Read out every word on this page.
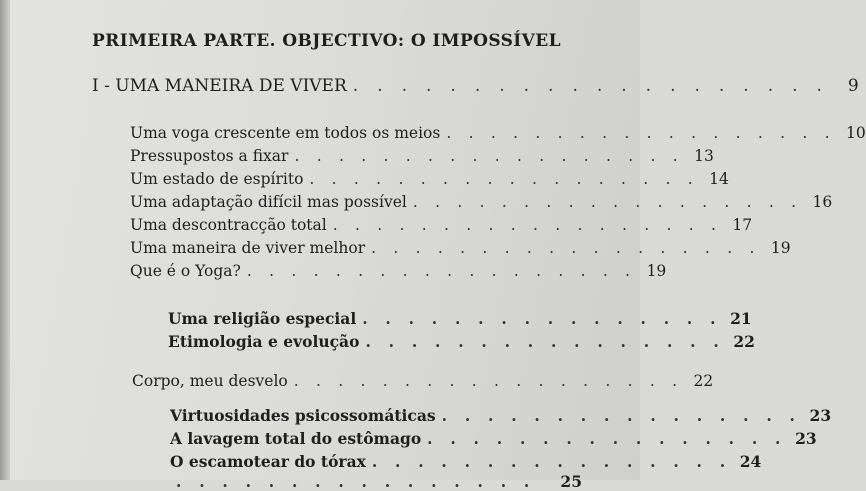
PRIMEIRA PARTE. OBJECTIVO: O IMPOSSÍVEL
I - UMA MANEIRA DE VIVER . . . . . . . . . . . . . . . . . . . .	9
Uma voga crescente em todos os meios . . . . . . . . . . . . . . . . . . 10
Pressupostos a fixar . . . . . . . . . . . . . . . . . . 13
Um estado de espírito . . . . . . . . . . . . . . . . . . 14
Uma adaptação difícil mas possível . . . . . . . . . . . . . . . . . . 16
Uma descontracção total . . . . . . . . . . . . . . . . . . 17
Uma maneira de viver melhor . . . . . . . . . . . . . . . . . . 19
Que é o Yoga? . . . . . . . . . . . . . . . . . . 19
Uma religião especial . . . . . . . . . . . . . . . . 21
Etimologia e evolução . . . . . . . . . . . . . . . . 22
Corpo, meu desvelo . . . . . . . . . . . . . . . . . . 22
Virtuosidades psicossomáticas . . . . . . . . . . . . . . . . 23
A lavagem total do estômago . . . . . . . . . . . . . . . . 23
O escamotear do tórax . . . . . . . . . . . . . . . . 24
. . . . . . . . . . . . . . . .	25
